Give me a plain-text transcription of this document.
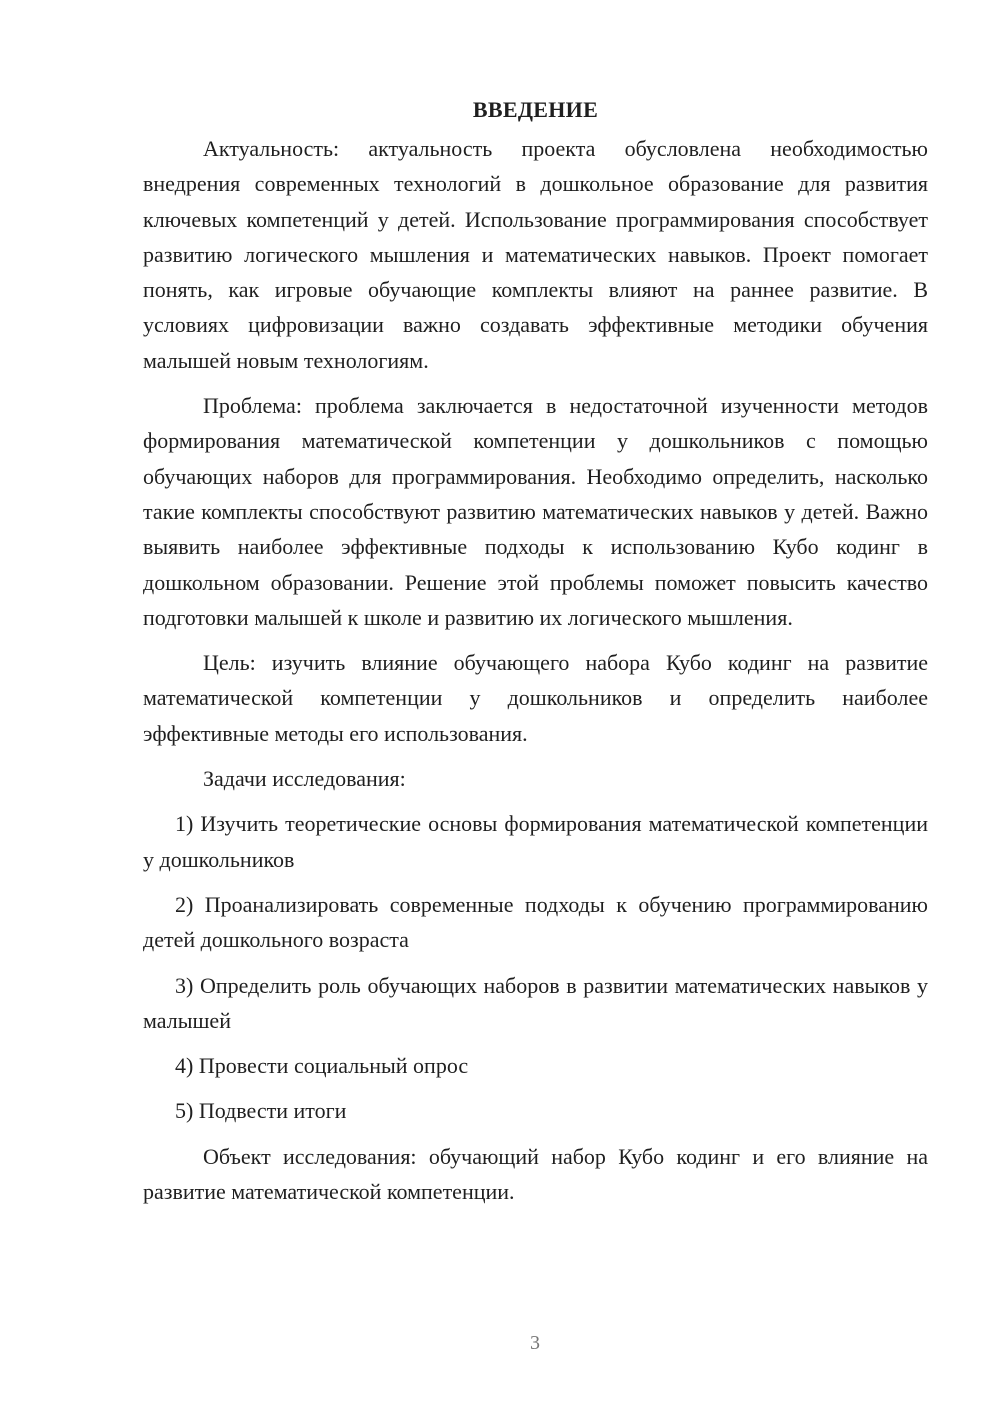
ВВЕДЕНИЕ

Актуальность: актуальность проекта обусловлена необходимостью внедрения современных технологий в дошкольное образование для развития ключевых компетенций у детей. Использование программирования способствует развитию логического мышления и математических навыков. Проект помогает понять, как игровые обучающие комплекты влияют на раннее развитие. В условиях цифровизации важно создавать эффективные методики обучения малышей новым технологиям.

Проблема: проблема заключается в недостаточной изученности методов формирования математической компетенции у дошкольников с помощью обучающих наборов для программирования. Необходимо определить, насколько такие комплекты способствуют развитию математических навыков у детей. Важно выявить наиболее эффективные подходы к использованию Кубо кодинг в дошкольном образовании. Решение этой проблемы поможет повысить качество подготовки малышей к школе и развитию их логического мышления.

Цель: изучить влияние обучающего набора Кубо кодинг на развитие математической компетенции у дошкольников и определить наиболее эффективные методы его использования.

Задачи исследования:

1) Изучить теоретические основы формирования математической компетенции у дошкольников

2) Проанализировать современные подходы к обучению программированию детей дошкольного возраста

3) Определить роль обучающих наборов в развитии математических навыков у малышей

4) Провести социальный опрос

5) Подвести итоги

Объект исследования: обучающий набор Кубо кодинг и его влияние на развитие математической компетенции.

3
